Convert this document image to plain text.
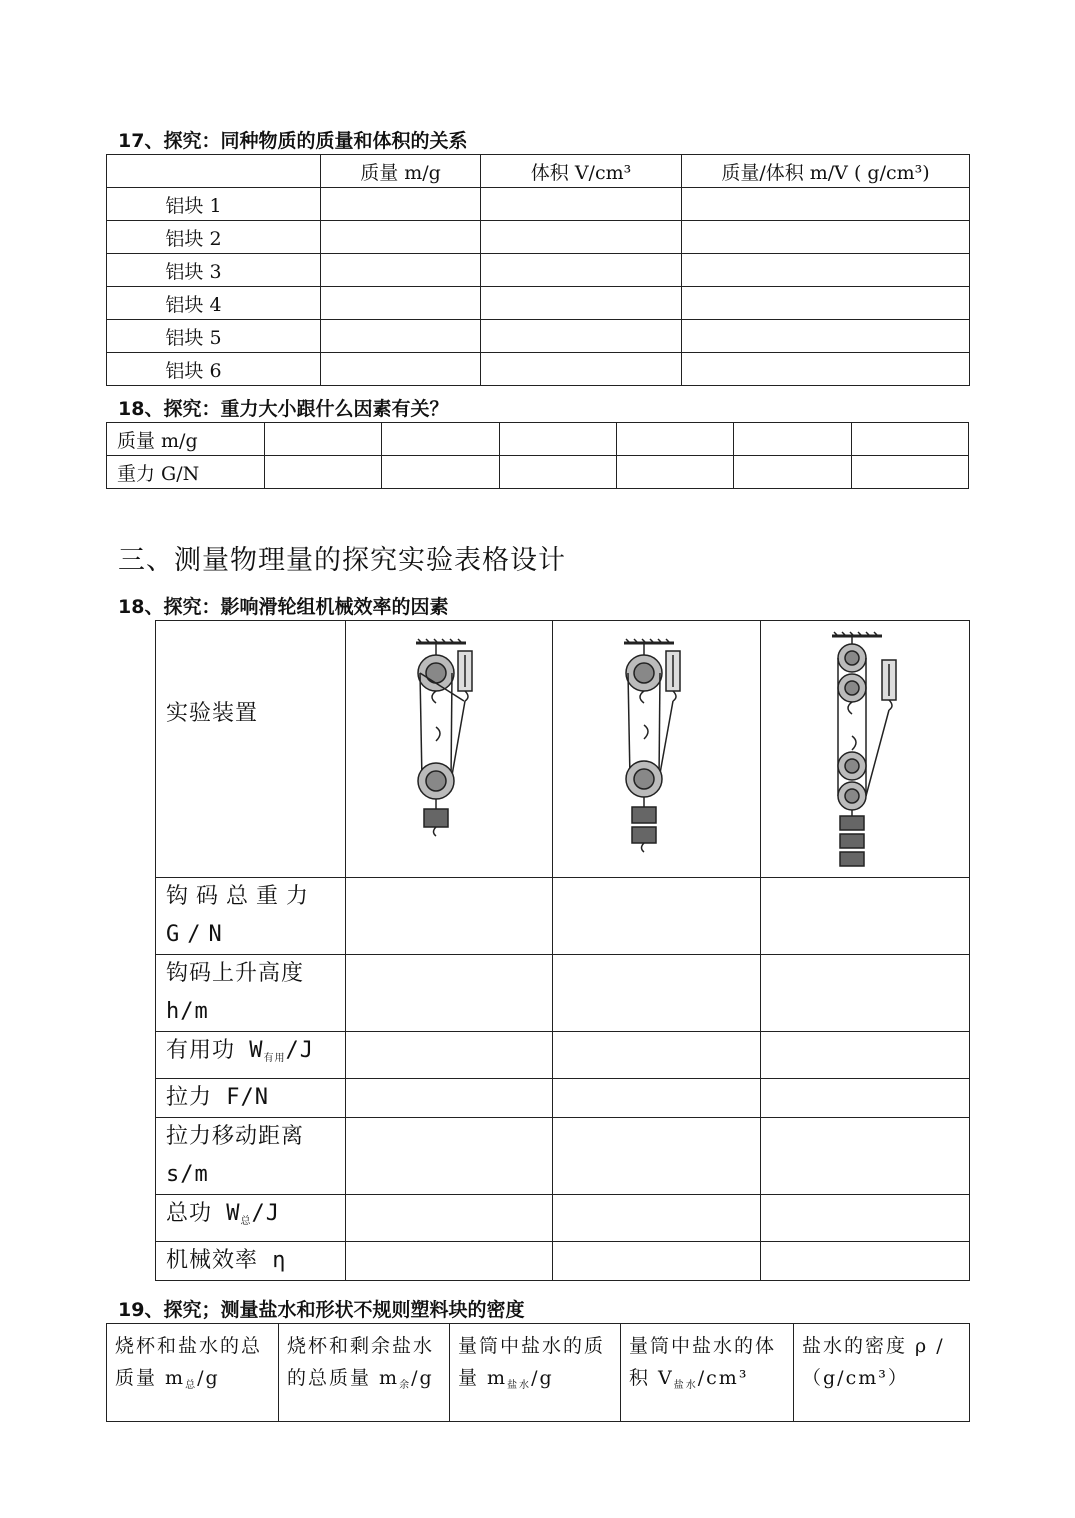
17、探究：同种物质的质量和体积的关系
	质量 m/g	体积 V/cm³	质量/体积 m/V ( g/cm³)
铝块 1			
铝块 2			
铝块 3			
铝块 4			
铝块 5			
铝块 6			
18、探究：重力大小跟什么因素有关？
质量 m/g						
重力 G/N						
三、测量物理量的探究实验表格设计
18、探究：影响滑轮组机械效率的因素
实验装置	

钩码总重力 G/N			
钩码上升高度 h/m			
有用功 $W_{有用}/J$			
拉力 F/N			
拉力移动距离 s/m			
总功 $W_总/J$			
机械效率 η			
19、探究；测量盐水和形状不规则塑料块的密度
烧杯和盐水的总质量 $m_总/g$	烧杯和剩余盐水的总质量 $m_余/g$	量筒中盐水的质量 $m_{盐水}/g$	量筒中盐水的体积 $V_{盐水}$/cm³	盐水的密度 ρ /（g/cm³）
